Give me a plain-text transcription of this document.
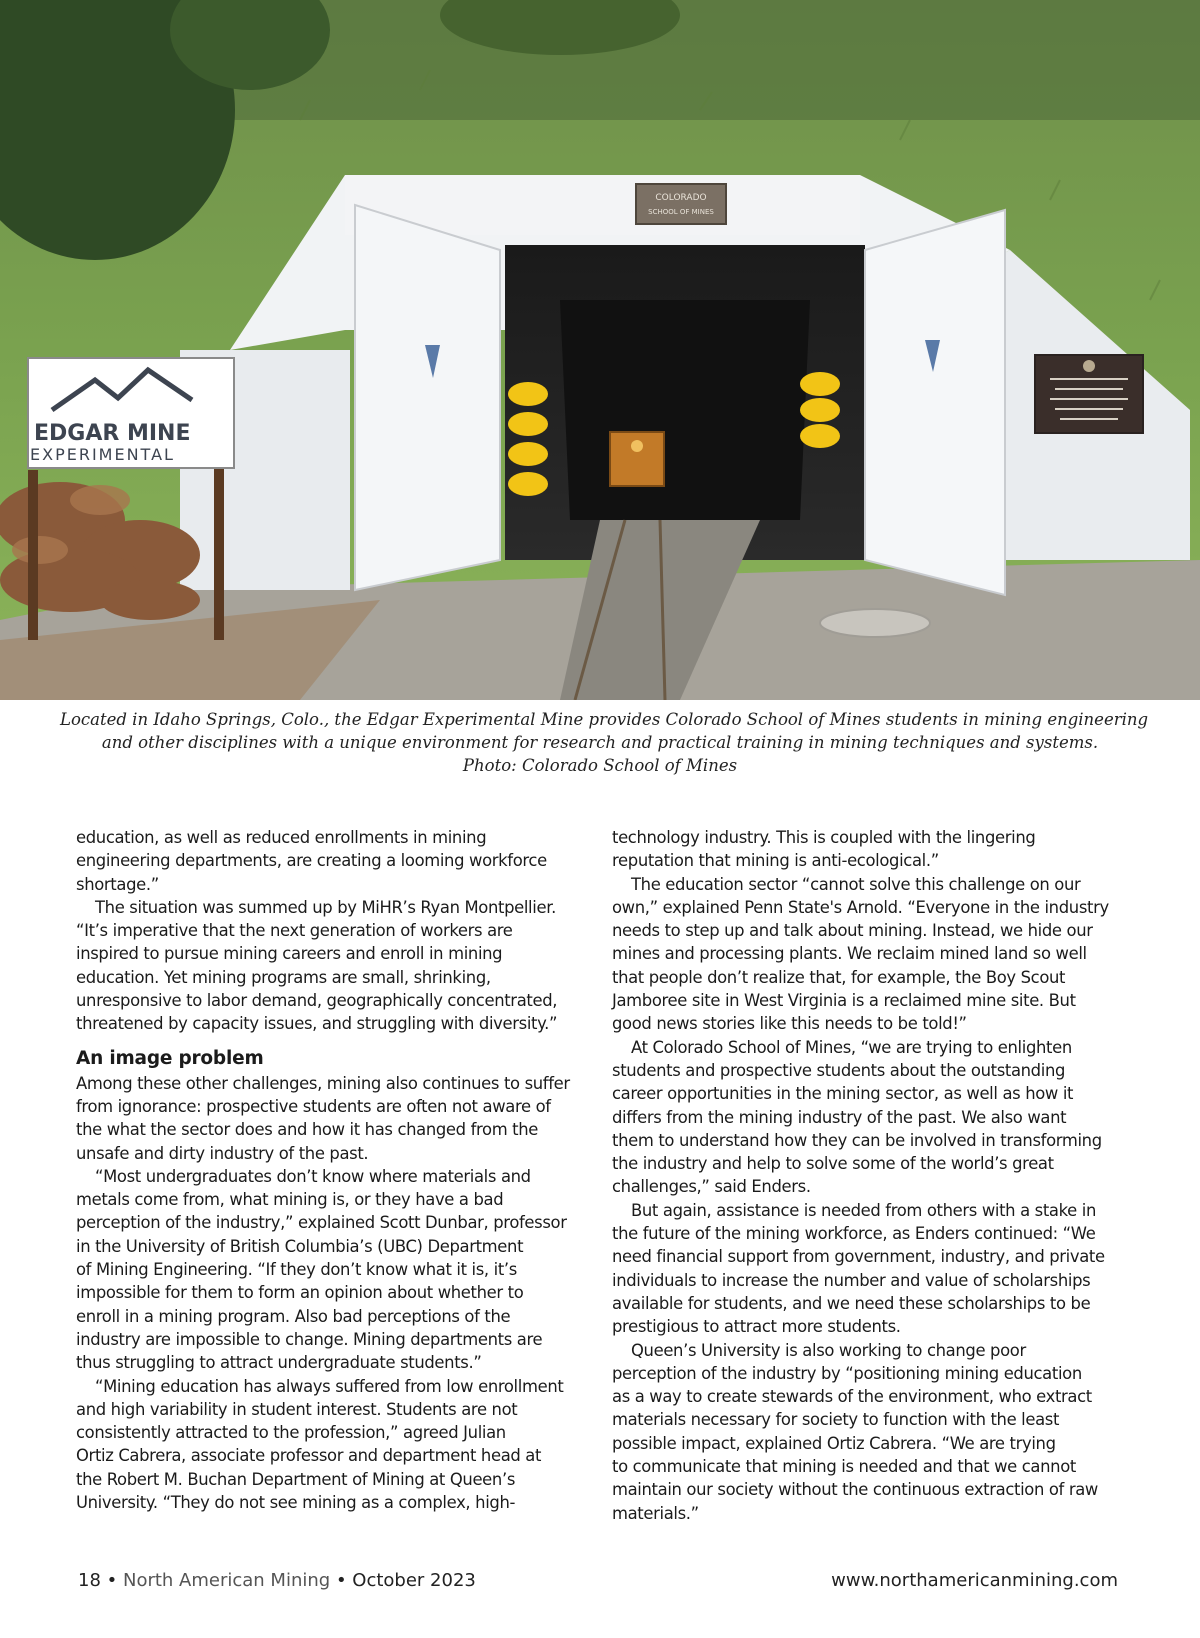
COLORADO
SCHOOL OF MINES
EDGAR MINE
EXPERIMENTAL
Located in Idaho Springs, Colo., the Edgar Experimental Mine provides Colorado School of Mines students in mining engineering
and other disciplines with a unique environment for research and practical training in mining techniques and systems.
Photo: Colorado School of Mines
education, as well as reduced enrollments in mining
engineering departments, are creating a looming workforce
shortage.”
The situation was summed up by MiHR’s Ryan Montpellier.
“It’s imperative that the next generation of workers are
inspired to pursue mining careers and enroll in mining
education. Yet mining programs are small, shrinking,
unresponsive to labor demand, geographically concentrated,
threatened by capacity issues, and struggling with diversity.”
An image problem
Among these other challenges, mining also continues to suffer
from ignorance: prospective students are often not aware of
the what the sector does and how it has changed from the
unsafe and dirty industry of the past.
“Most undergraduates don’t know where materials and
metals come from, what mining is, or they have a bad
perception of the industry,” explained Scott Dunbar, professor
in the University of British Columbia’s (UBC) Department
of Mining Engineering. “If they don’t know what it is, it’s
impossible for them to form an opinion about whether to
enroll in a mining program. Also bad perceptions of the
industry are impossible to change. Mining departments are
thus struggling to attract undergraduate students.”
“Mining education has always suffered from low enrollment
and high variability in student interest. Students are not
consistently attracted to the profession,” agreed Julian
Ortiz Cabrera, associate professor and department head at
the Robert M. Buchan Department of Mining at Queen’s
University. “They do not see mining as a complex, high-
technology industry. This is coupled with the lingering
reputation that mining is anti-ecological.”
The education sector “cannot solve this challenge on our
own,” explained Penn State's Arnold. “Everyone in the industry
needs to step up and talk about mining. Instead, we hide our
mines and processing plants. We reclaim mined land so well
that people don’t realize that, for example, the Boy Scout
Jamboree site in West Virginia is a reclaimed mine site. But
good news stories like this needs to be told!”
At Colorado School of Mines, “we are trying to enlighten
students and prospective students about the outstanding
career opportunities in the mining sector, as well as how it
differs from the mining industry of the past. We also want
them to understand how they can be involved in transforming
the industry and help to solve some of the world’s great
challenges,” said Enders.
But again, assistance is needed from others with a stake in
the future of the mining workforce, as Enders continued: “We
need financial support from government, industry, and private
individuals to increase the number and value of scholarships
available for students, and we need these scholarships to be
prestigious to attract more students.
Queen’s University is also working to change poor
perception of the industry by “positioning mining education
as a way to create stewards of the environment, who extract
materials necessary for society to function with the least
possible impact, explained Ortiz Cabrera. “We are trying
to communicate that mining is needed and that we cannot
maintain our society without the continuous extraction of raw
materials.”
18 • North American Mining • October 2023	www.northamericanmining.com
